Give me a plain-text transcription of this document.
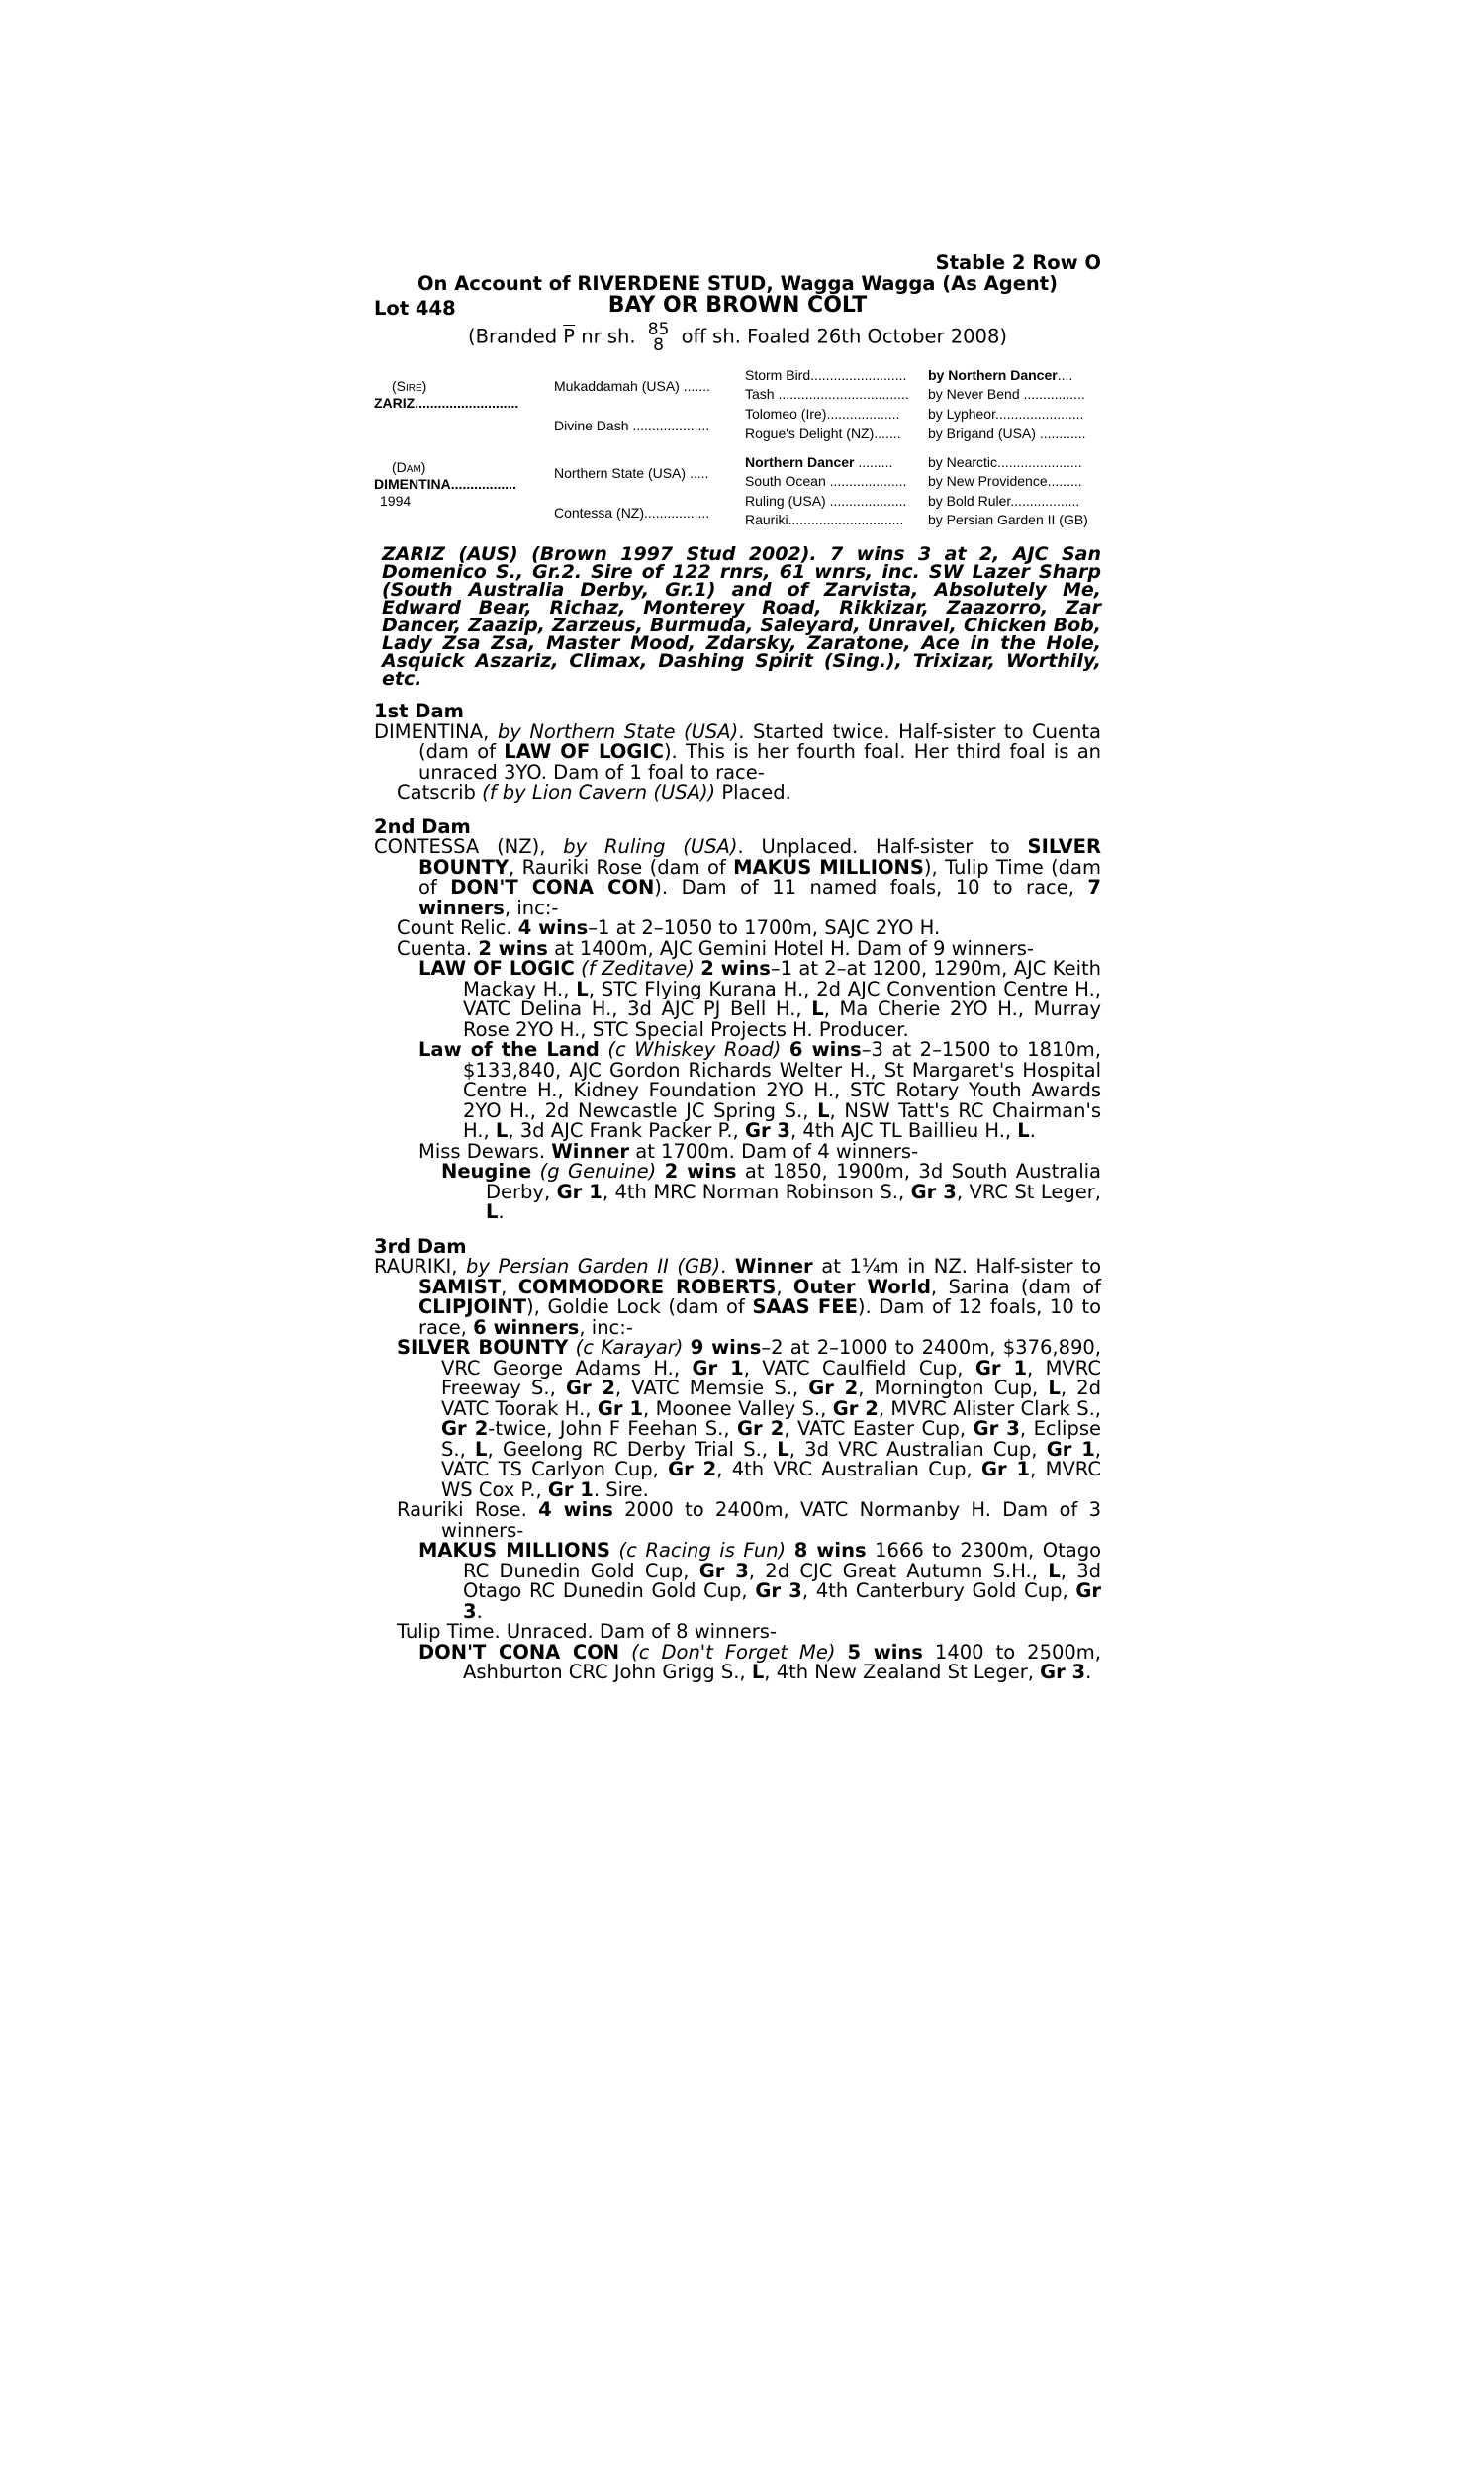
Stable 2 Row O
On Account of RIVERDENE STUD, Wagga Wagga (As Agent)
Lot 448	BAY OR BROWN COLT
(Branded $\overline{P}$ nr sh. 85
8 off sh. Foaled 26th October 2008)
(Sire)
ZARIZ...........................
(Dam)
DIMENTINA.................
1994
Mukaddamah (USA) .......
Divine Dash ....................
Northern State (USA) .....
Contessa (NZ).................
Storm Bird.........................
Tash ..................................
Tolomeo (Ire)...................
Rogue's Delight (NZ).......
Northern Dancer .........
South Ocean ....................
Ruling (USA) ....................
Rauriki..............................
by Northern Dancer....
by Never Bend ................
by Lypheor.......................
by Brigand (USA) ............
by Nearctic......................
by New Providence.........
by Bold Ruler..................
by Persian Garden II (GB)

ZARIZ (AUS) (Brown 1997 Stud 2002). 7 wins 3 at 2, AJC San Domenico S., Gr.2. Sire of 122 rnrs, 61 wnrs, inc. SW Lazer Sharp (South Australia Derby, Gr.1) and of Zarvista, Absolutely Me, Edward Bear, Richaz, Monterey Road, Rikkizar, Zaazorro, Zar Dancer, Zaazip, Zarzeus, Burmuda, Saleyard, Unravel, Chicken Bob, Lady Zsa Zsa, Master Mood, Zdarsky, Zaratone, Ace in the Hole, Asquick Aszariz, Climax, Dashing Spirit (Sing.), Trixizar, Worthily, etc.

1st Dam

DIMENTINA, by Northern State (USA). Started twice. Half-sister to Cuenta (dam of LAW OF LOGIC). This is her fourth foal. Her third foal is an unraced 3YO. Dam of 1 foal to race-

Catscrib (f by Lion Cavern (USA)) Placed.

2nd Dam

CONTESSA (NZ), by Ruling (USA). Unplaced. Half-sister to SILVER BOUNTY, Rauriki Rose (dam of MAKUS MILLIONS), Tulip Time (dam of DON'T CONA CON). Dam of 11 named foals, 10 to race, 7 winners, inc:-

Count Relic. 4 wins–1 at 2–1050 to 1700m, SAJC 2YO H.

Cuenta. 2 wins at 1400m, AJC Gemini Hotel H. Dam of 9 winners-

LAW OF LOGIC (f Zeditave) 2 wins–1 at 2–at 1200, 1290m, AJC Keith Mackay H., L, STC Flying Kurana H., 2d AJC Convention Centre H., VATC Delina H., 3d AJC PJ Bell H., L, Ma Cherie 2YO H., Murray Rose 2YO H., STC Special Projects H. Producer.

Law of the Land (c Whiskey Road) 6 wins–3 at 2–1500 to 1810m, $133,840, AJC Gordon Richards Welter H., St Margaret's Hospital Centre H., Kidney Foundation 2YO H., STC Rotary Youth Awards 2YO H., 2d Newcastle JC Spring S., L, NSW Tatt's RC Chairman's H., L, 3d AJC Frank Packer P., Gr 3, 4th AJC TL Baillieu H., L.

Miss Dewars. Winner at 1700m. Dam of 4 winners-

Neugine (g Genuine) 2 wins at 1850, 1900m, 3d South Australia Derby, Gr 1, 4th MRC Norman Robinson S., Gr 3, VRC St Leger, L.

3rd Dam

RAURIKI, by Persian Garden II (GB). Winner at 1¼m in NZ. Half-sister to SAMIST, COMMODORE ROBERTS, Outer World, Sarina (dam of CLIPJOINT), Goldie Lock (dam of SAAS FEE). Dam of 12 foals, 10 to race, 6 winners, inc:-

SILVER BOUNTY (c Karayar) 9 wins–2 at 2–1000 to 2400m, $376,890, VRC George Adams H., Gr 1, VATC Caulfield Cup, Gr 1, MVRC Freeway S., Gr 2, VATC Memsie S., Gr 2, Mornington Cup, L, 2d VATC Toorak H., Gr 1, Moonee Valley S., Gr 2, MVRC Alister Clark S., Gr 2-twice, John F Feehan S., Gr 2, VATC Easter Cup, Gr 3, Eclipse S., L, Geelong RC Derby Trial S., L, 3d VRC Australian Cup, Gr 1, VATC TS Carlyon Cup, Gr 2, 4th VRC Australian Cup, Gr 1, MVRC WS Cox P., Gr 1. Sire.

Rauriki Rose. 4 wins 2000 to 2400m, VATC Normanby H. Dam of 3 winners-

MAKUS MILLIONS (c Racing is Fun) 8 wins 1666 to 2300m, Otago RC Dunedin Gold Cup, Gr 3, 2d CJC Great Autumn S.H., L, 3d Otago RC Dunedin Gold Cup, Gr 3, 4th Canterbury Gold Cup, Gr 3.

Tulip Time. Unraced. Dam of 8 winners-

DON'T CONA CON (c Don't Forget Me) 5 wins 1400 to 2500m, Ashburton CRC John Grigg S., L, 4th New Zealand St Leger, Gr 3.
